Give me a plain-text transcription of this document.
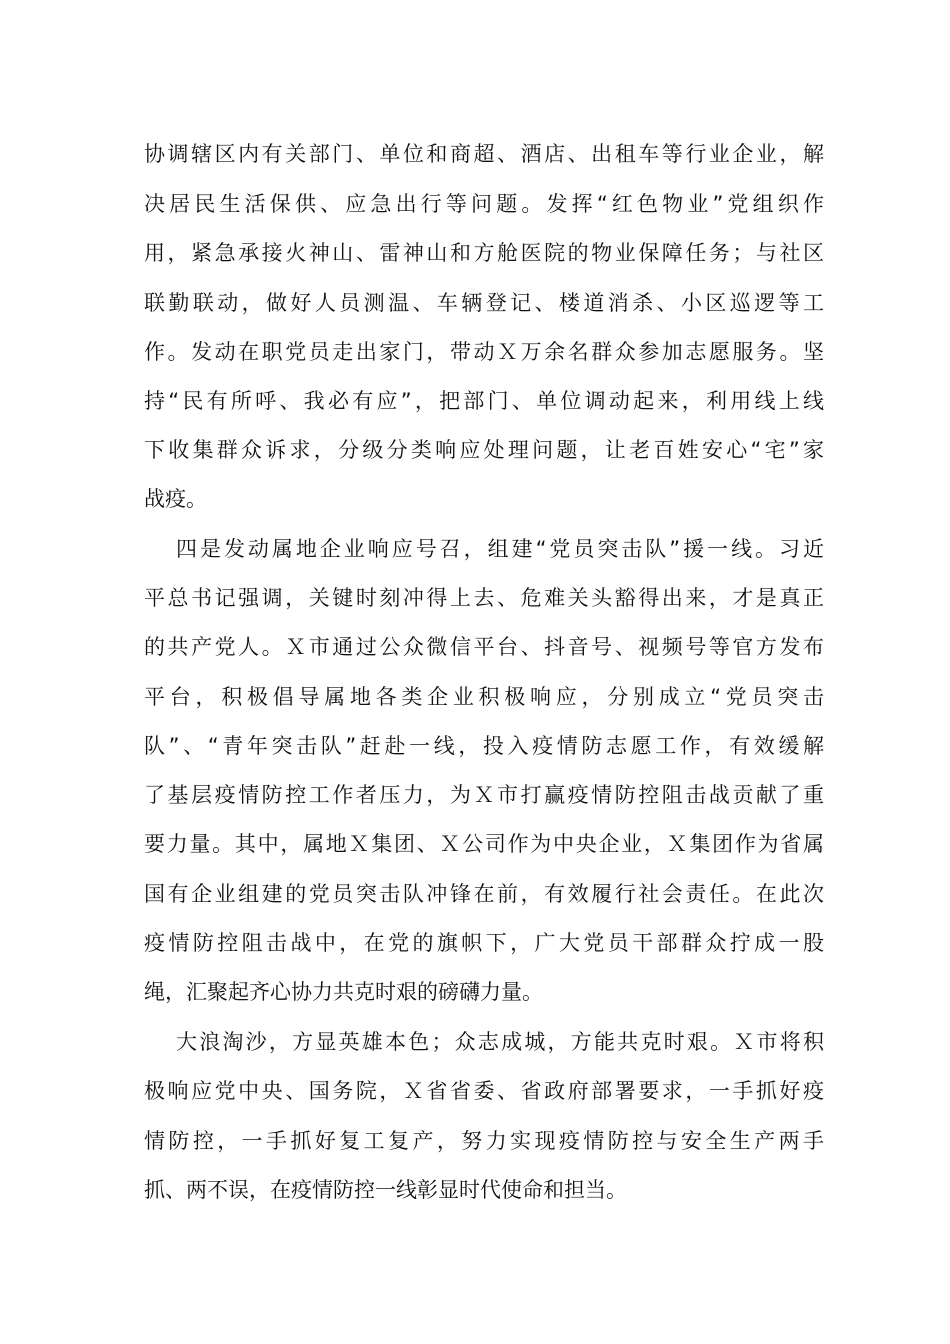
协调辖区内有关部门、单位和商超、酒店、出租车等行业企业，解
决居民生活保供、应急出行等问题。发挥“红色物业”党组织作
用，紧急承接火神山、雷神山和方舱医院的物业保障任务；与社区
联勤联动，做好人员测温、车辆登记、楼道消杀、小区巡逻等工
作。发动在职党员走出家门，带动Ｘ万余名群众参加志愿服务。坚
持“民有所呼、我必有应”，把部门、单位调动起来，利用线上线
下收集群众诉求，分级分类响应处理问题，让老百姓安心“宅”家
战疫。
四是发动属地企业响应号召，组建“党员突击队”援一线。习近
平总书记强调，关键时刻冲得上去、危难关头豁得出来，才是真正
的共产党人。Ｘ市通过公众微信平台、抖音号、视频号等官方发布
平台，积极倡导属地各类企业积极响应，分别成立“党员突击
队”、“青年突击队”赶赴一线，投入疫情防志愿工作，有效缓解
了基层疫情防控工作者压力，为Ｘ市打赢疫情防控阻击战贡献了重
要力量。其中，属地Ｘ集团、Ｘ公司作为中央企业，Ｘ集团作为省属
国有企业组建的党员突击队冲锋在前，有效履行社会责任。在此次
疫情防控阻击战中，在党的旗帜下，广大党员干部群众拧成一股
绳，汇聚起齐心协力共克时艰的磅礴力量。
大浪淘沙，方显英雄本色；众志成城，方能共克时艰。Ｘ市将积
极响应党中央、国务院，Ｘ省省委、省政府部署要求，一手抓好疫
情防控，一手抓好复工复产，努力实现疫情防控与安全生产两手
抓、两不误，在疫情防控一线彰显时代使命和担当。
